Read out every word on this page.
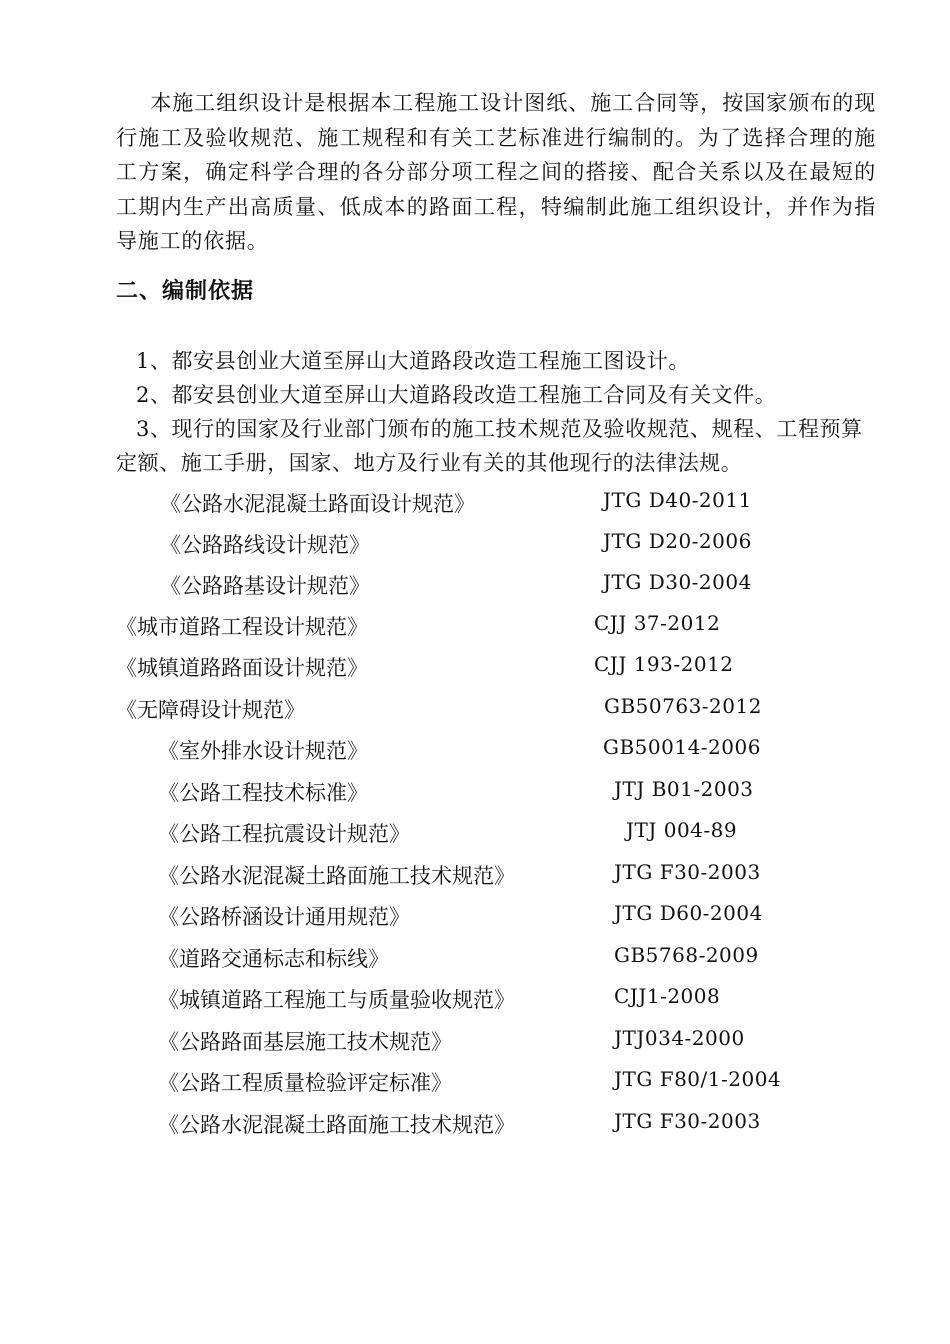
本施工组织设计是根据本工程施工设计图纸、施工合同等，按国家颁布的现行施工及验收规范、施工规程和有关工艺标准进行编制的。为了选择合理的施工方案，确定科学合理的各分部分项工程之间的搭接、配合关系以及在最短的工期内生产出高质量、低成本的路面工程，特编制此施工组织设计，并作为指导施工的依据。

二、编制依据

1、都安县创业大道至屏山大道路段改造工程施工图设计。

2、都安县创业大道至屏山大道路段改造工程施工合同及有关文件。

3、现行的国家及行业部门颁布的施工技术规范及验收规范、规程、工程预算定额、施工手册，国家、地方及行业有关的其他现行的法律法规。

《公路水泥混凝土路面设计规范》	JTG D40-2011
《公路路线设计规范》	JTG D20-2006
《公路路基设计规范》	JTG D30-2004
《城市道路工程设计规范》	CJJ 37-2012
《城镇道路路面设计规范》	CJJ 193-2012
《无障碍设计规范》	GB50763-2012
《室外排水设计规范》	GB50014-2006
《公路工程技术标准》	JTJ B01-2003
《公路工程抗震设计规范》	JTJ 004-89
《公路水泥混凝土路面施工技术规范》	JTG F30-2003
《公路桥涵设计通用规范》	JTG D60-2004
《道路交通标志和标线》	GB5768-2009
《城镇道路工程施工与质量验收规范》	CJJ1-2008
《公路路面基层施工技术规范》	JTJ034-2000
《公路工程质量检验评定标准》	JTG F80/1-2004
《公路水泥混凝土路面施工技术规范》	JTG F30-2003
